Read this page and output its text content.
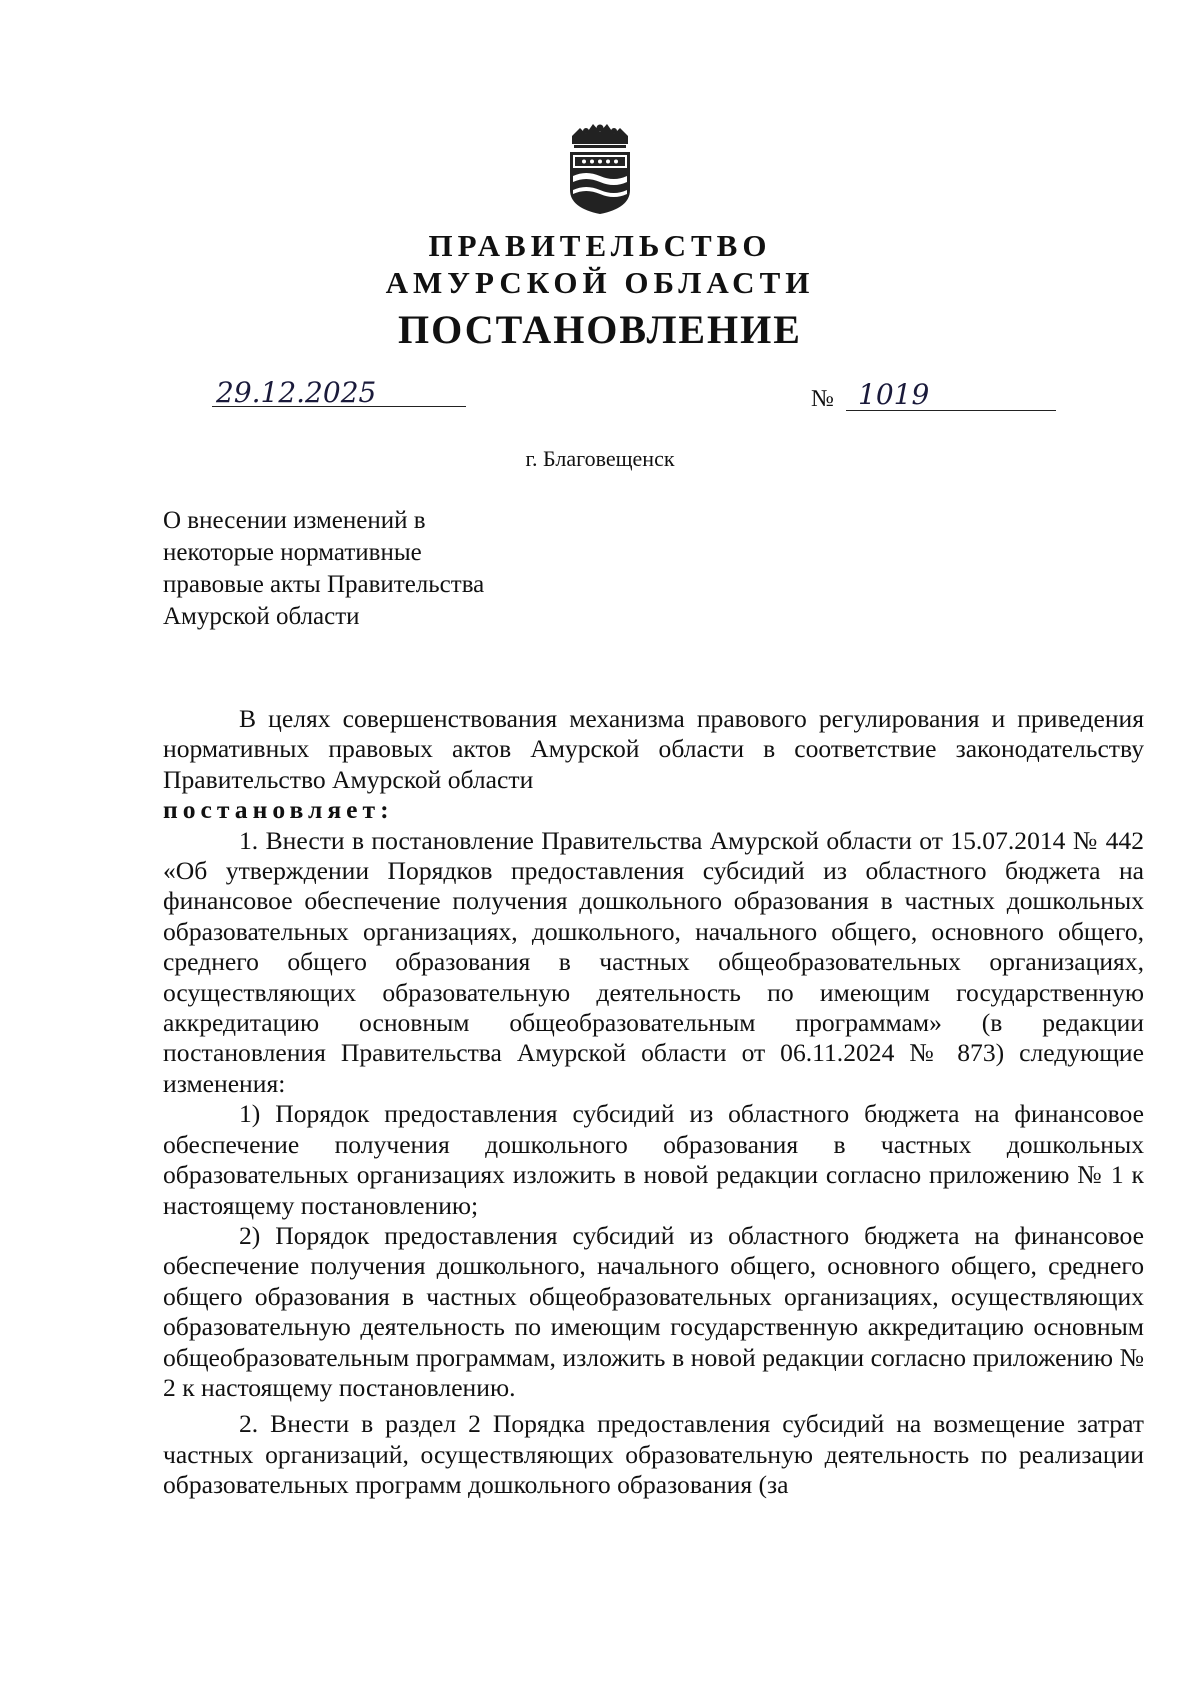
ПРАВИТЕЛЬСТВО
АМУРСКОЙ ОБЛАСТИ
ПОСТАНОВЛЕНИЕ
29.12.2025	№ 1019
г. Благовещенск
О внесении изменений в
некоторые нормативные
правовые акты Правительства
Амурской области

В целях совершенствования механизма правового регулирования и приведения нормативных правовых актов Амурской области в соответствие законодательству Правительство Амурской области

постановляет:

1. Внести в постановление Правительства Амурской области от 15.07.2014 № 442 «Об утверждении Порядков предоставления субсидий из областного бюджета на финансовое обеспечение получения дошкольного образования в частных дошкольных образовательных организациях, дошкольного, начального общего, основного общего, среднего общего образования в частных общеобразовательных организациях, осуществляющих образовательную деятельность по имеющим государственную аккредитацию основным общеобразовательным программам» (в редакции постановления Правительства Амурской области от 06.11.2024 № 873) следующие изменения:

1) Порядок предоставления субсидий из областного бюджета на финансовое обеспечение получения дошкольного образования в частных дошкольных образовательных организациях изложить в новой редакции согласно приложению № 1 к настоящему постановлению;

2) Порядок предоставления субсидий из областного бюджета на финансовое обеспечение получения дошкольного, начального общего, основного общего, среднего общего образования в частных общеобразовательных организациях, осуществляющих образовательную деятельность по имеющим государственную аккредитацию основным общеобразовательным программам, изложить в новой редакции согласно приложению № 2 к настоящему постановлению.

2. Внести в раздел 2 Порядка предоставления субсидий на возмещение затрат частных организаций, осуществляющих образовательную деятельность по реализации образовательных программ дошкольного образования (за
